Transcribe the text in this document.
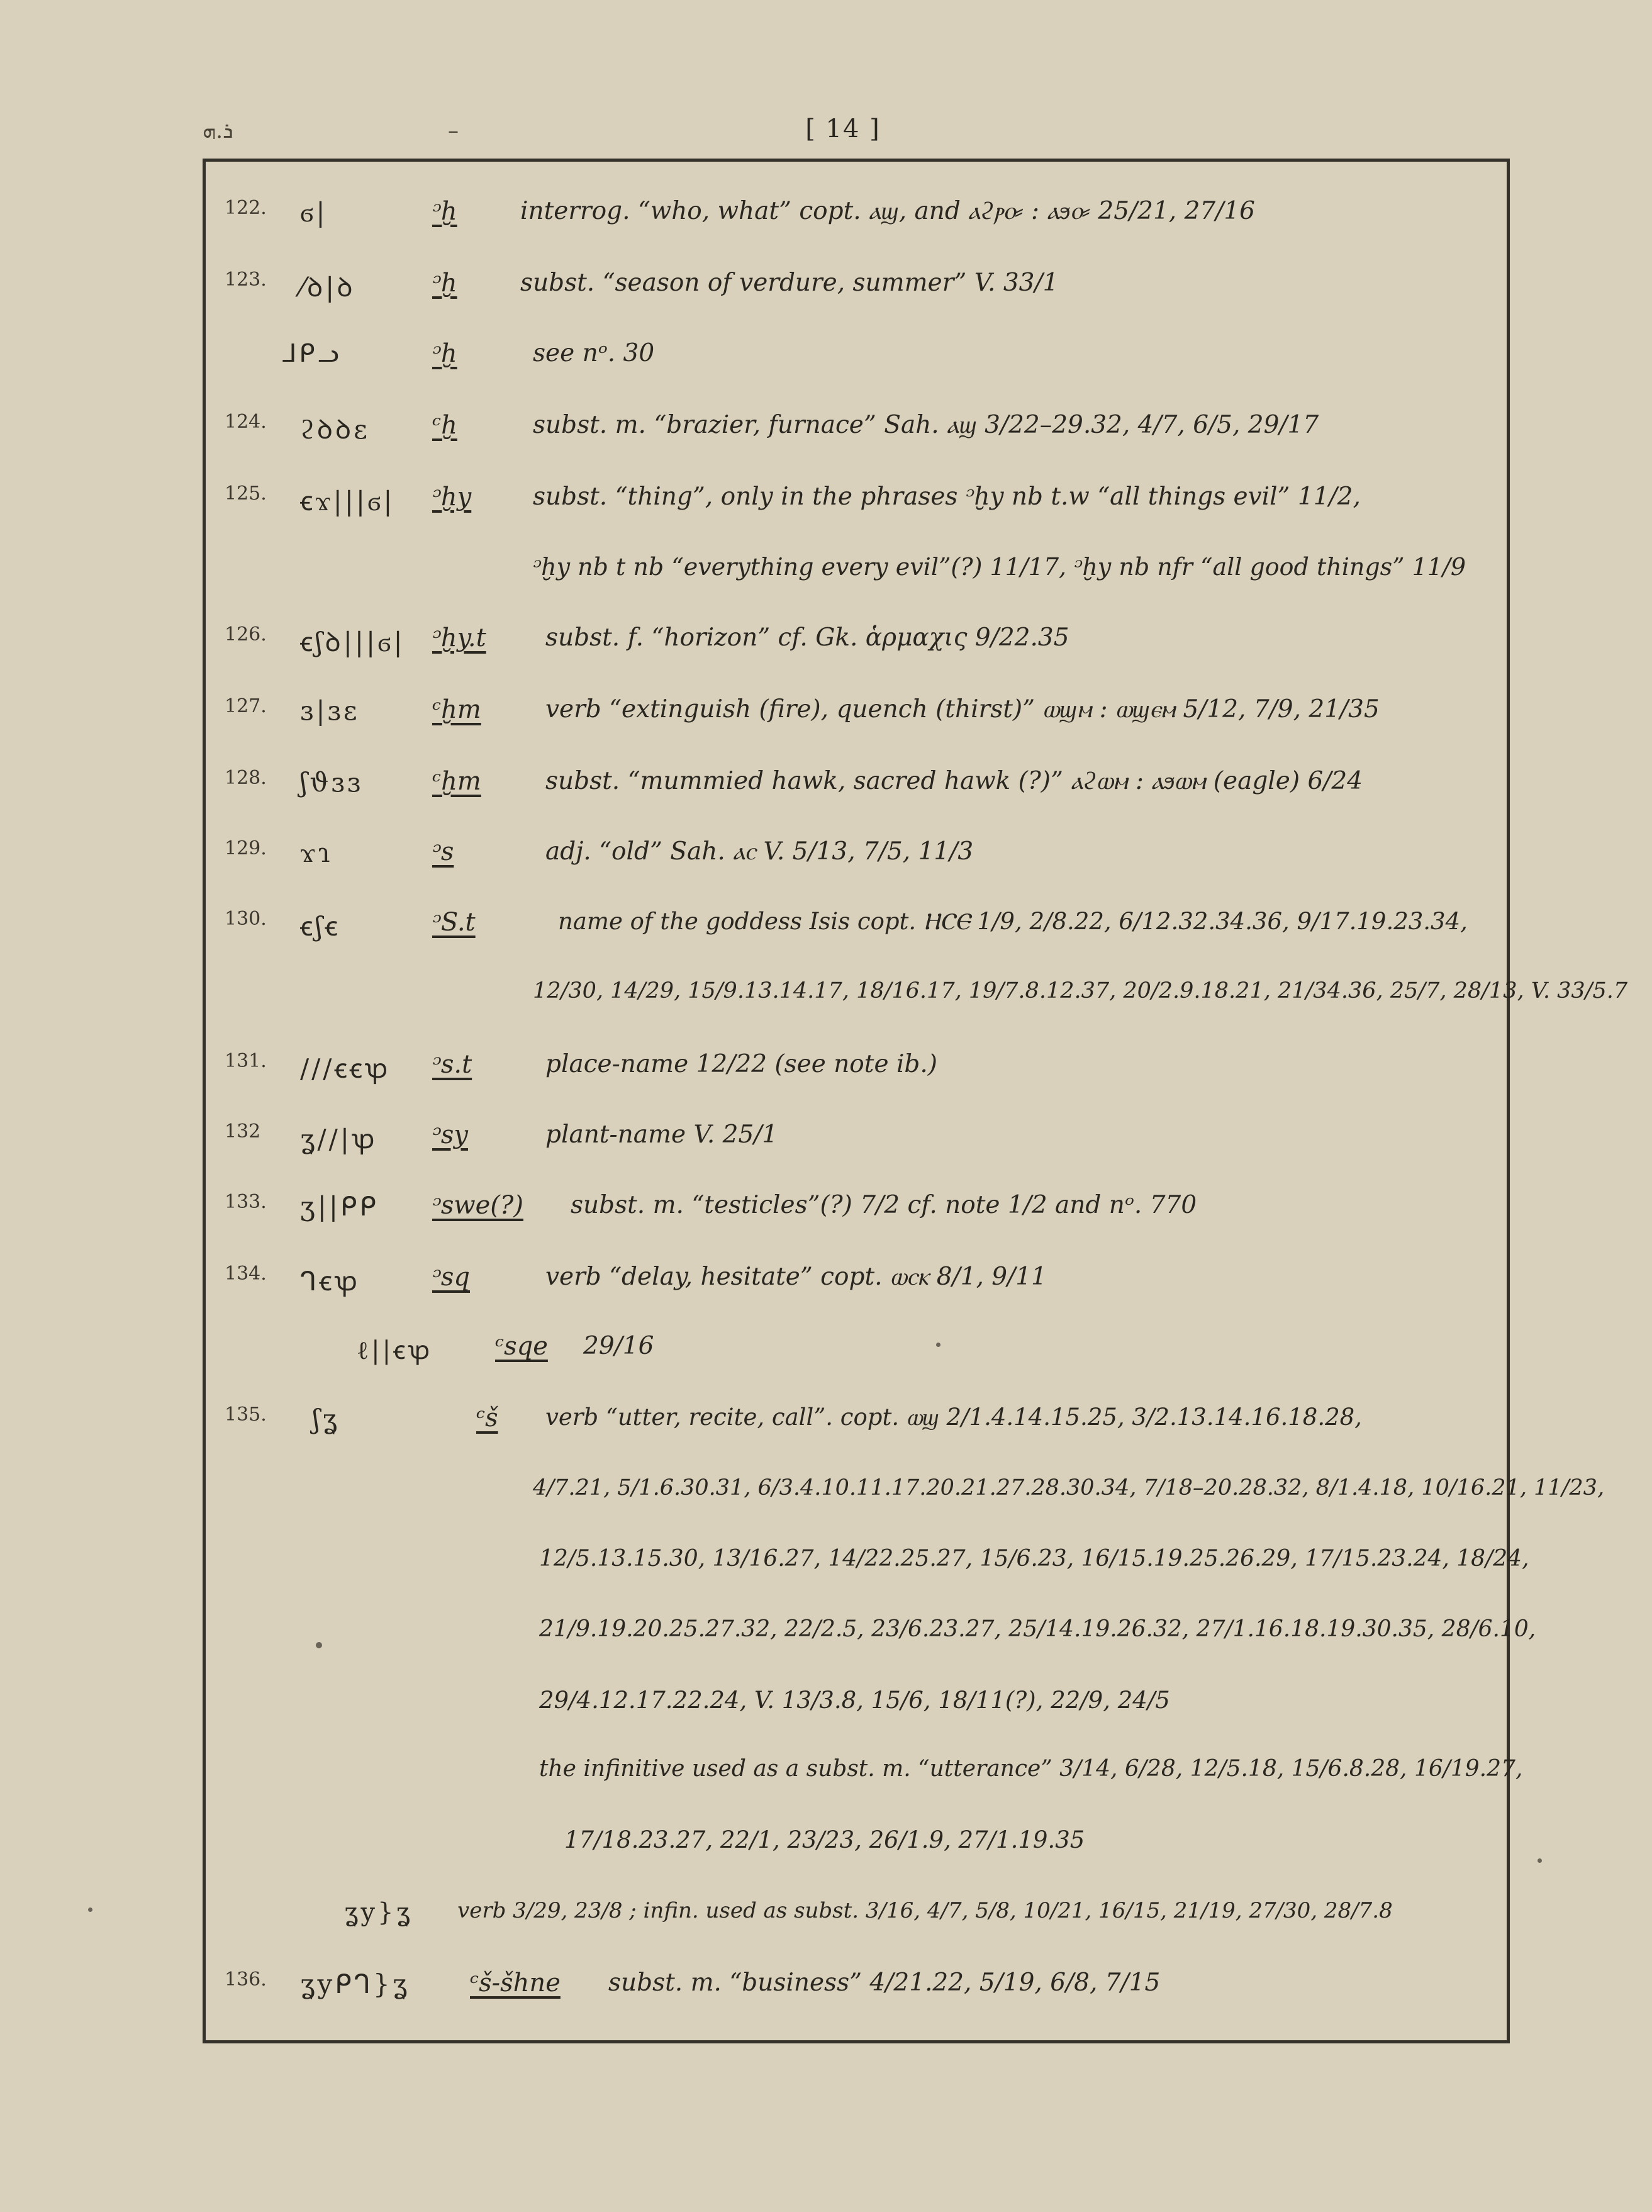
ܪ.ܗ	–	[ 14 ]
122. ϭ|	ᵓḫ	interrog. “who, what” copt. ⲁϣ, and ⲁϩⲣⲟ⸗ : ⲁϧⲟ⸗ 25/21, 27/16
123. ⁄ꝺ|ꝺ	ᵓḫ	subst. “season of verdure, summer” V. 33/1
ᒧᑭᓗ	ᵓḫ	see nᵒ. 30
124. ϩꝺꝺɛ ᶜḫ	subst. m. “brazier, furnace” Sah. ⲁϣ 3/22–29.32, 4/7, 6/5, 29/17
125. ꞓϫ|||ϭ| ᵓḫy	subst. “thing”, only in the phrases ᵓḫy nb t.w “all things evil” 11/2,
ᵓḫy nb t nb “everything every evil”(?) 11/17, ᵓḫy nb nfr “all good things” 11/9
126. ꞓʃꝺ|||ϭ| ᵓḫy.t subst. f. “horizon” cf. Gk. ἁρμαχις 9/22.35
127. ɜ|ɜɛ	ᶜḫm	verb “extinguish (fire), quench (thirst)” ⲱϣⲙ : ⲱϣⲉⲙ 5/12, 7/9, 21/35
128. ʃϑɜɜ	ᶜḫm	subst. “mummied hawk, sacred hawk (?)” ⲁϩⲱⲙ : ⲁϧⲱⲙ (eagle) 6/24
129. ϫɿ	ᵓs	adj. “old” Sah. ⲁⲥ V. 5/13, 7/5, 11/3
130. ꞓʃꞓ	ᵓS.t	name of the goddess Isis copt. ⲎⲤⲈ 1/9, 2/8.22, 6/12.32.34.36, 9/17.19.23.34,
12/30, 14/29, 15/9.13.14.17, 18/16.17, 19/7.8.12.37, 20/2.9.18.21, 21/34.36, 25/7, 28/13, V. 33/5.7
131. ///ꞓꞓꝕ ᵓs.t	place-name 12/22 (see note ib.)
132 ʓ//|ꝕ ᵓsy	plant-name V. 25/1
133. ʒ||ᑭᑭ ᵓswe(?) subst. m. “testicles”(?) 7/2 cf. note 1/2 and nᵒ. 770
134. ᒉꞓꝕ	ᵓsq	verb “delay, hesitate” copt. ⲱⲥⲕ 8/1, 9/11
ℓ||ꞓꝕ ᶜsqe 29/16
135. ʃʓ	ᶜš verb “utter, recite, call”. copt. ⲱϣ 2/1.4.14.15.25, 3/2.13.14.16.18.28,
4/7.21, 5/1.6.30.31, 6/3.4.10.11.17.20.21.27.28.30.34, 7/18–20.28.32, 8/1.4.18, 10/16.21, 11/23,
12/5.13.15.30, 13/16.27, 14/22.25.27, 15/6.23, 16/15.19.25.26.29, 17/15.23.24, 18/24,
21/9.19.20.25.27.32, 22/2.5, 23/6.23.27, 25/14.19.26.32, 27/1.16.18.19.30.35, 28/6.10,
29/4.12.17.22.24, V. 13/3.8, 15/6, 18/11(?), 22/9, 24/5
the infinitive used as a subst. m. “utterance” 3/14, 6/28, 12/5.18, 15/6.8.28, 16/19.27,
17/18.23.27, 22/1, 23/23, 26/1.9, 27/1.19.35
ʓy}ʓ verb 3/29, 23/8 ; infin. used as subst. 3/16, 4/7, 5/8, 10/21, 16/15, 21/19, 27/30, 28/7.8
136. ʓyᑭᒉ}ʓ ᶜš-šhne subst. m. “business” 4/21.22, 5/19, 6/8, 7/15
